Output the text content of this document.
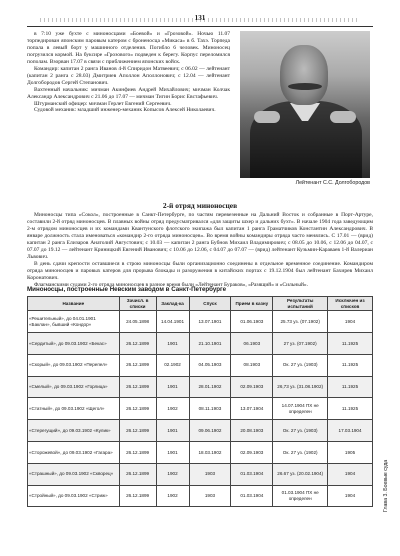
131

в 7:10 уже бухте с миноносцами «Боевой» и «Грозовой». Ночью 11.07 торпедирован японским паровым катером с броненосца «Микаса» в б. Тахэ. Торпеда попала в левый борт у машинного отделения. Погибло 6 человек. Миноносец погрузился кормой. На буксире «Грозового» подведен к берегу. Корпус переломился пополам. Взорван 17.07 в связи с приближением японских войск.

Командир: капитан 2 ранга Иванов 4-й Спиридон Матвеевич; с 06.02 — лейтенант (капитан 2 ранга с 28.03) Дмитриев Аполлон Аполлонович; с 12.04 — лейтенант Долгобородов Сергей Степанович.

Вахтенный начальник: мичман Акинфиев Андрей Михайлович; мичман Колчак Александр Александрович с 21.06 до 17.07 — мичман Тигин Борис Евстафьевич.

Штурманский офицер: мичман Герлет Евгений Сергеевич.

Судовой механик: младший инженер-механик Копысов Алексей Николаевич.

Лейтенант С.С. Долгобородов
2-й отряд миноносцев

Миноносцы типа «Сокол», построенные в Санкт-Петербурге, по частям перевезенные на Дальний Восток и собранные в Порт-Артуре, составили 2-й отряд миноносцев. В плавных войны отряд предусматривался «для защиты шхер и дальних бухт». В начале 1904 года заведующим 2-м отрядом миноносцев и их командами Квантунского флотского экипажа был капитан 1 ранга Граматчиков Константин Александрович. В январе должность стала именоваться «командир 2-го отряда миноносцев». Во время войны командиры отряда часто менялись. С 17.01 — (врид) капитан 2 ранга Елизаров Анатолий Августович; с 10.03 — капитан 2 ранга Бубнов Михаил Владимирович; с 08.05 до 10.06, с 12.06 до 04.07, с 07.07 до 19.12 — лейтенант Криницкий Евгений Иванович; с 10.06 до 12.06, с 04.07 до 07.07 — (врид) лейтенант Кузьмин-Караваев 1-й Валериан Львович.

В день сдачи крепости оставшиеся в строю миноносцы были организационно соединены в отдельное временное соединение. Командиром отряда миноносцев и паровых катеров для прорыва блокады и разоружения в китайских портах с 19.12.1904 был лейтенант Бахирев Михаил Коронатович.

Флагманскими судами 2-го отряда миноносцев в разное время были «Лейтенант Бураков», «Разящий» и «Сильный».

Миноносцы, построенные Невским заводом в Санкт-Петербурге
Название	Зачисл. в списки	Заклад-ка	Спуск	Прием в казну	Результаты испытаний	Исключен из списков
«Решительный», до 04.01.1901 «Баклан», бывший «Кондор»	24.05.1898	14.04.1901	13.07.1901	01.06.1903	25.73 уз. (07.1902)	1904
«Сердитый», до 09.03.1902 «Бекас»	26.12.1899	1901	21.10.1901	06.1903	27 уз. (07.1902)	11.1925
«Скорый», до 09.03.1902 «Перепел»	26.12.1899	02.1902	04.05.1903	08.1903	Ок. 27 уз. (1903)	11.1925
«Смелый», до 09.03.1902 «Горлица»	26.12.1899	1901	28.01.1902	02.09.1903	26,73 уз. (31.08.1902)	11.1925
«Статный», до 09.03.1902 «Щегол»	26.12.1899	1902	08.11.1903	13.07.1904	14.07.1904 ПХ не определен	11.1925
«Стерегущий», до 09.03.1902 «Кулик»	26.12.1899	1901	09.06.1902	20.08.1903	Ок. 27 уз. (1903)	17.03.1904
«Сторожевой», до 09.03.1902 «Гагара»	26.12.1899	1901	18.03.1902	02.09.1903	Ок. 27 уз. (1902)	1905
«Страшный», до 09.03.1902 «Скворец»	26.12.1899	1902	1903	01.03.1904	26.67 уз. (20.02.1904)	1904
«Стройный», до 09.03.1902 «Стриж»	26.12.1899	1902	1903	01.03.1904	01.03.1904 ПХ не определен	1904	Глава 3. Боевые суда
